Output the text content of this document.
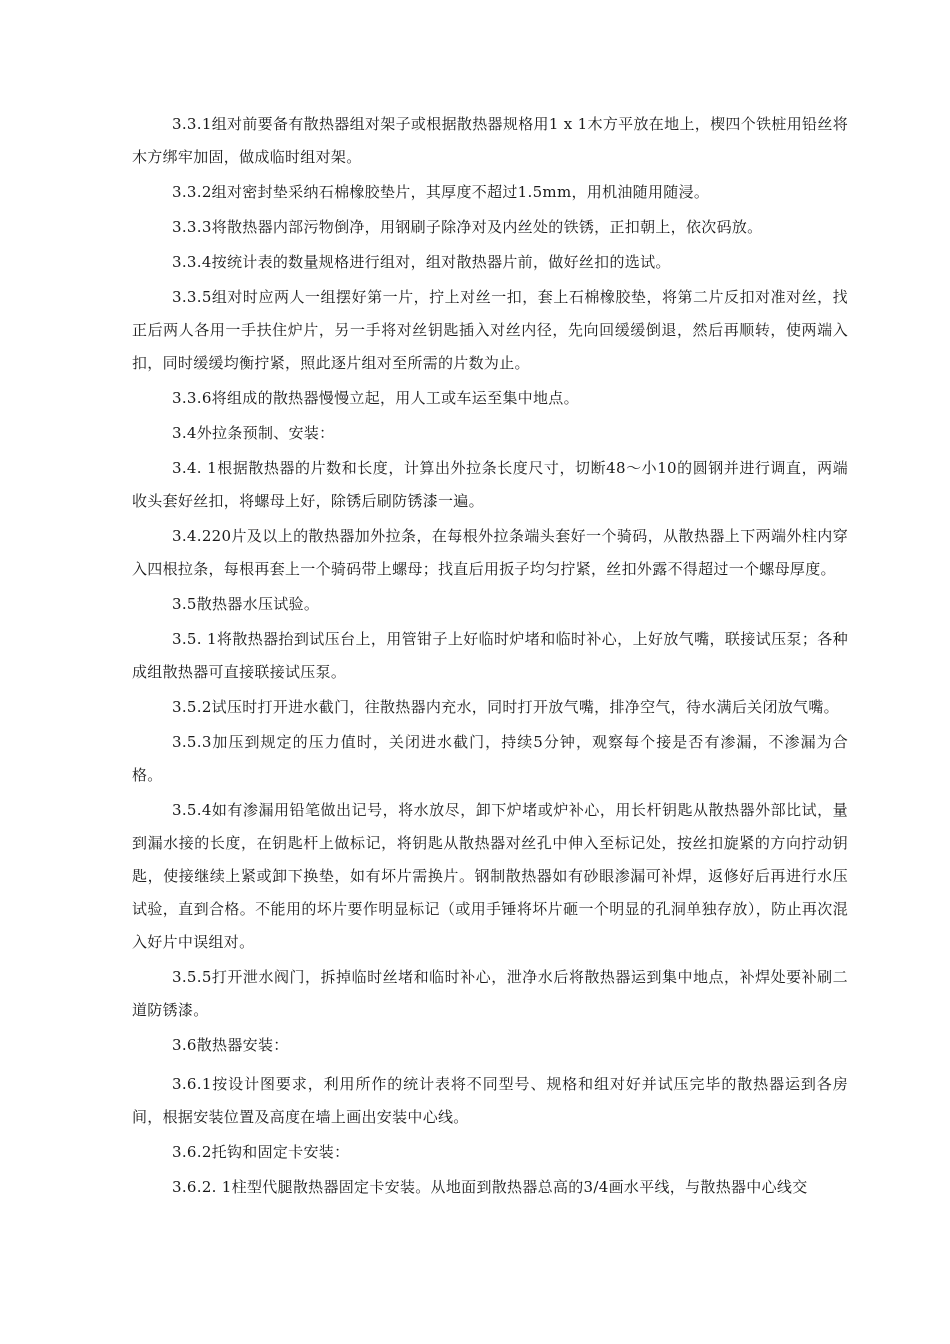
3.3.1组对前要备有散热器组对架子或根据散热器规格用1 x 1木方平放在地上，楔四个铁桩用铅丝将木方绑牢加固，做成临时组对架。

3.3.2组对密封垫采纳石棉橡胶垫片，其厚度不超过1.5mm，用机油随用随浸。

3.3.3将散热器内部污物倒净，用钢刷子除净对及内丝处的铁锈，正扣朝上，依次码放。

3.3.4按统计表的数量规格进行组对，组对散热器片前，做好丝扣的选试。

3.3.5组对时应两人一组摆好第一片，拧上对丝一扣，套上石棉橡胶垫，将第二片反扣对准对丝，找正后两人各用一手扶住炉片，另一手将对丝钥匙插入对丝内径，先向回缓缓倒退，然后再顺转，使两端入扣，同时缓缓均衡拧紧，照此逐片组对至所需的片数为止。

3.3.6将组成的散热器慢慢立起，用人工或车运至集中地点。

3.4外拉条预制、安装：

3.4. 1根据散热器的片数和长度，计算出外拉条长度尺寸，切断48〜小10的圆钢并进行调直，两端收头套好丝扣，将螺母上好，除锈后刷防锈漆一遍。

3.4.220片及以上的散热器加外拉条，在每根外拉条端头套好一个骑码，从散热器上下两端外柱内穿入四根拉条，每根再套上一个骑码带上螺母；找直后用扳子均匀拧紧，丝扣外露不得超过一个螺母厚度。

3.5散热器水压试验。

3.5. 1将散热器抬到试压台上，用管钳子上好临时炉堵和临时补心，上好放气嘴，联接试压泵；各种成组散热器可直接联接试压泵。

3.5.2试压时打开进水截门，往散热器内充水，同时打开放气嘴，排净空气，待水满后关闭放气嘴。

3.5.3加压到规定的压力值时，关闭进水截门，持续5分钟，观察每个接是否有渗漏，不渗漏为合格。

3.5.4如有渗漏用铅笔做出记号，将水放尽，卸下炉堵或炉补心，用长杆钥匙从散热器外部比试，量到漏水接的长度，在钥匙杆上做标记，将钥匙从散热器对丝孔中伸入至标记处，按丝扣旋紧的方向拧动钥匙，使接继续上紧或卸下换垫，如有坏片需换片。钢制散热器如有砂眼渗漏可补焊，返修好后再进行水压试验，直到合格。不能用的坏片要作明显标记（或用手锤将坏片砸一个明显的孔洞单独存放），防止再次混入好片中误组对。

3.5.5打开泄水阀门，拆掉临时丝堵和临时补心，泄净水后将散热器运到集中地点，补焊处要补刷二道防锈漆。

3.6散热器安装：

3.6.1按设计图要求，利用所作的统计表将不同型号、规格和组对好并试压完毕的散热器运到各房间，根据安装位置及高度在墙上画出安装中心线。

3.6.2托钩和固定卡安装：

3.6.2. 1柱型代腿散热器固定卡安装。从地面到散热器总高的3/4画水平线，与散热器中心线交
